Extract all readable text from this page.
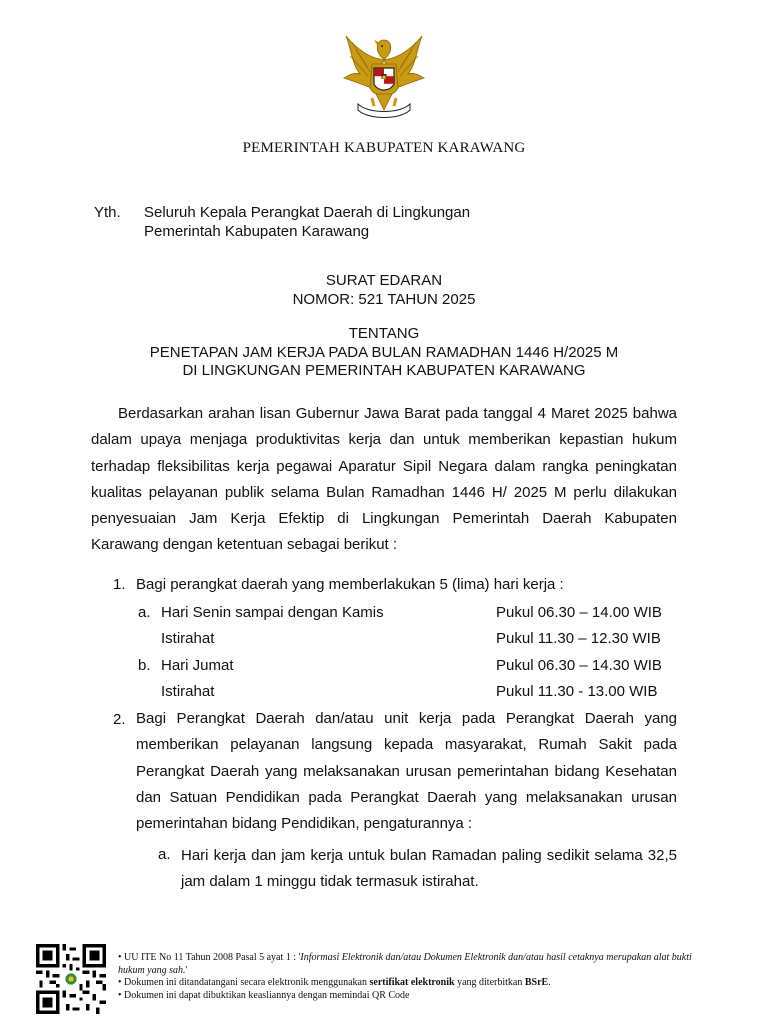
PEMERINTAH KABUPATEN KARAWANG
Yth. Seluruh Kepala Perangkat Daerah di Lingkungan
Pemerintah Kabupaten Karawang
SURAT EDARAN
NOMOR: 521 TAHUN 2025
TENTANG
PENETAPAN JAM KERJA PADA BULAN RAMADHAN 1446 H/2025 M
DI LINGKUNGAN PEMERINTAH KABUPATEN KARAWANG

Berdasarkan arahan lisan Gubernur Jawa Barat pada tanggal 4 Maret 2025 bahwa dalam upaya menjaga produktivitas kerja dan untuk memberikan kepastian hukum terhadap fleksibilitas kerja pegawai Aparatur Sipil Negara dalam rangka peningkatan kualitas pelayanan publik selama Bulan Ramadhan 1446 H/ 2025 M perlu dilakukan penyesuaian Jam Kerja Efektip di Lingkungan Pemerintah Daerah Kabupaten Karawang dengan ketentuan sebagai berikut :

1. Bagi perangkat daerah yang memberlakukan 5 (lima) hari kerja :
a. Hari Senin sampai dengan Kamis	Pukul 06.30 – 14.00 WIB
Istirahat	Pukul 11.30 – 12.30 WIB
b. Hari Jumat	Pukul 06.30 – 14.30 WIB
Istirahat	Pukul 11.30 - 13.00 WIB
2. Bagi Perangkat Daerah dan/atau unit kerja pada Perangkat Daerah yang memberikan pelayanan langsung kepada masyarakat, Rumah Sakit pada Perangkat Daerah yang melaksanakan urusan pemerintahan bidang Kesehatan dan Satuan Pendidikan pada Perangkat Daerah yang melaksanakan urusan pemerintahan bidang Pendidikan, pengaturannya :

a. Hari kerja dan jam kerja untuk bulan Ramadan paling sedikit selama 32,5 jam dalam 1 minggu tidak termasuk istirahat.

• UU ITE No 11 Tahun 2008 Pasal 5 ayat 1 : 'Informasi Elektronik dan/atau Dokumen Elektronik dan/atau hasil cetaknya merupakan alat bukti hukum yang sah.'
• Dokumen ini ditandatangani secara elektronik menggunakan sertifikat elektronik yang diterbitkan BSrE.
• Dokumen ini dapat dibuktikan keasliannya dengan memindai QR Code
